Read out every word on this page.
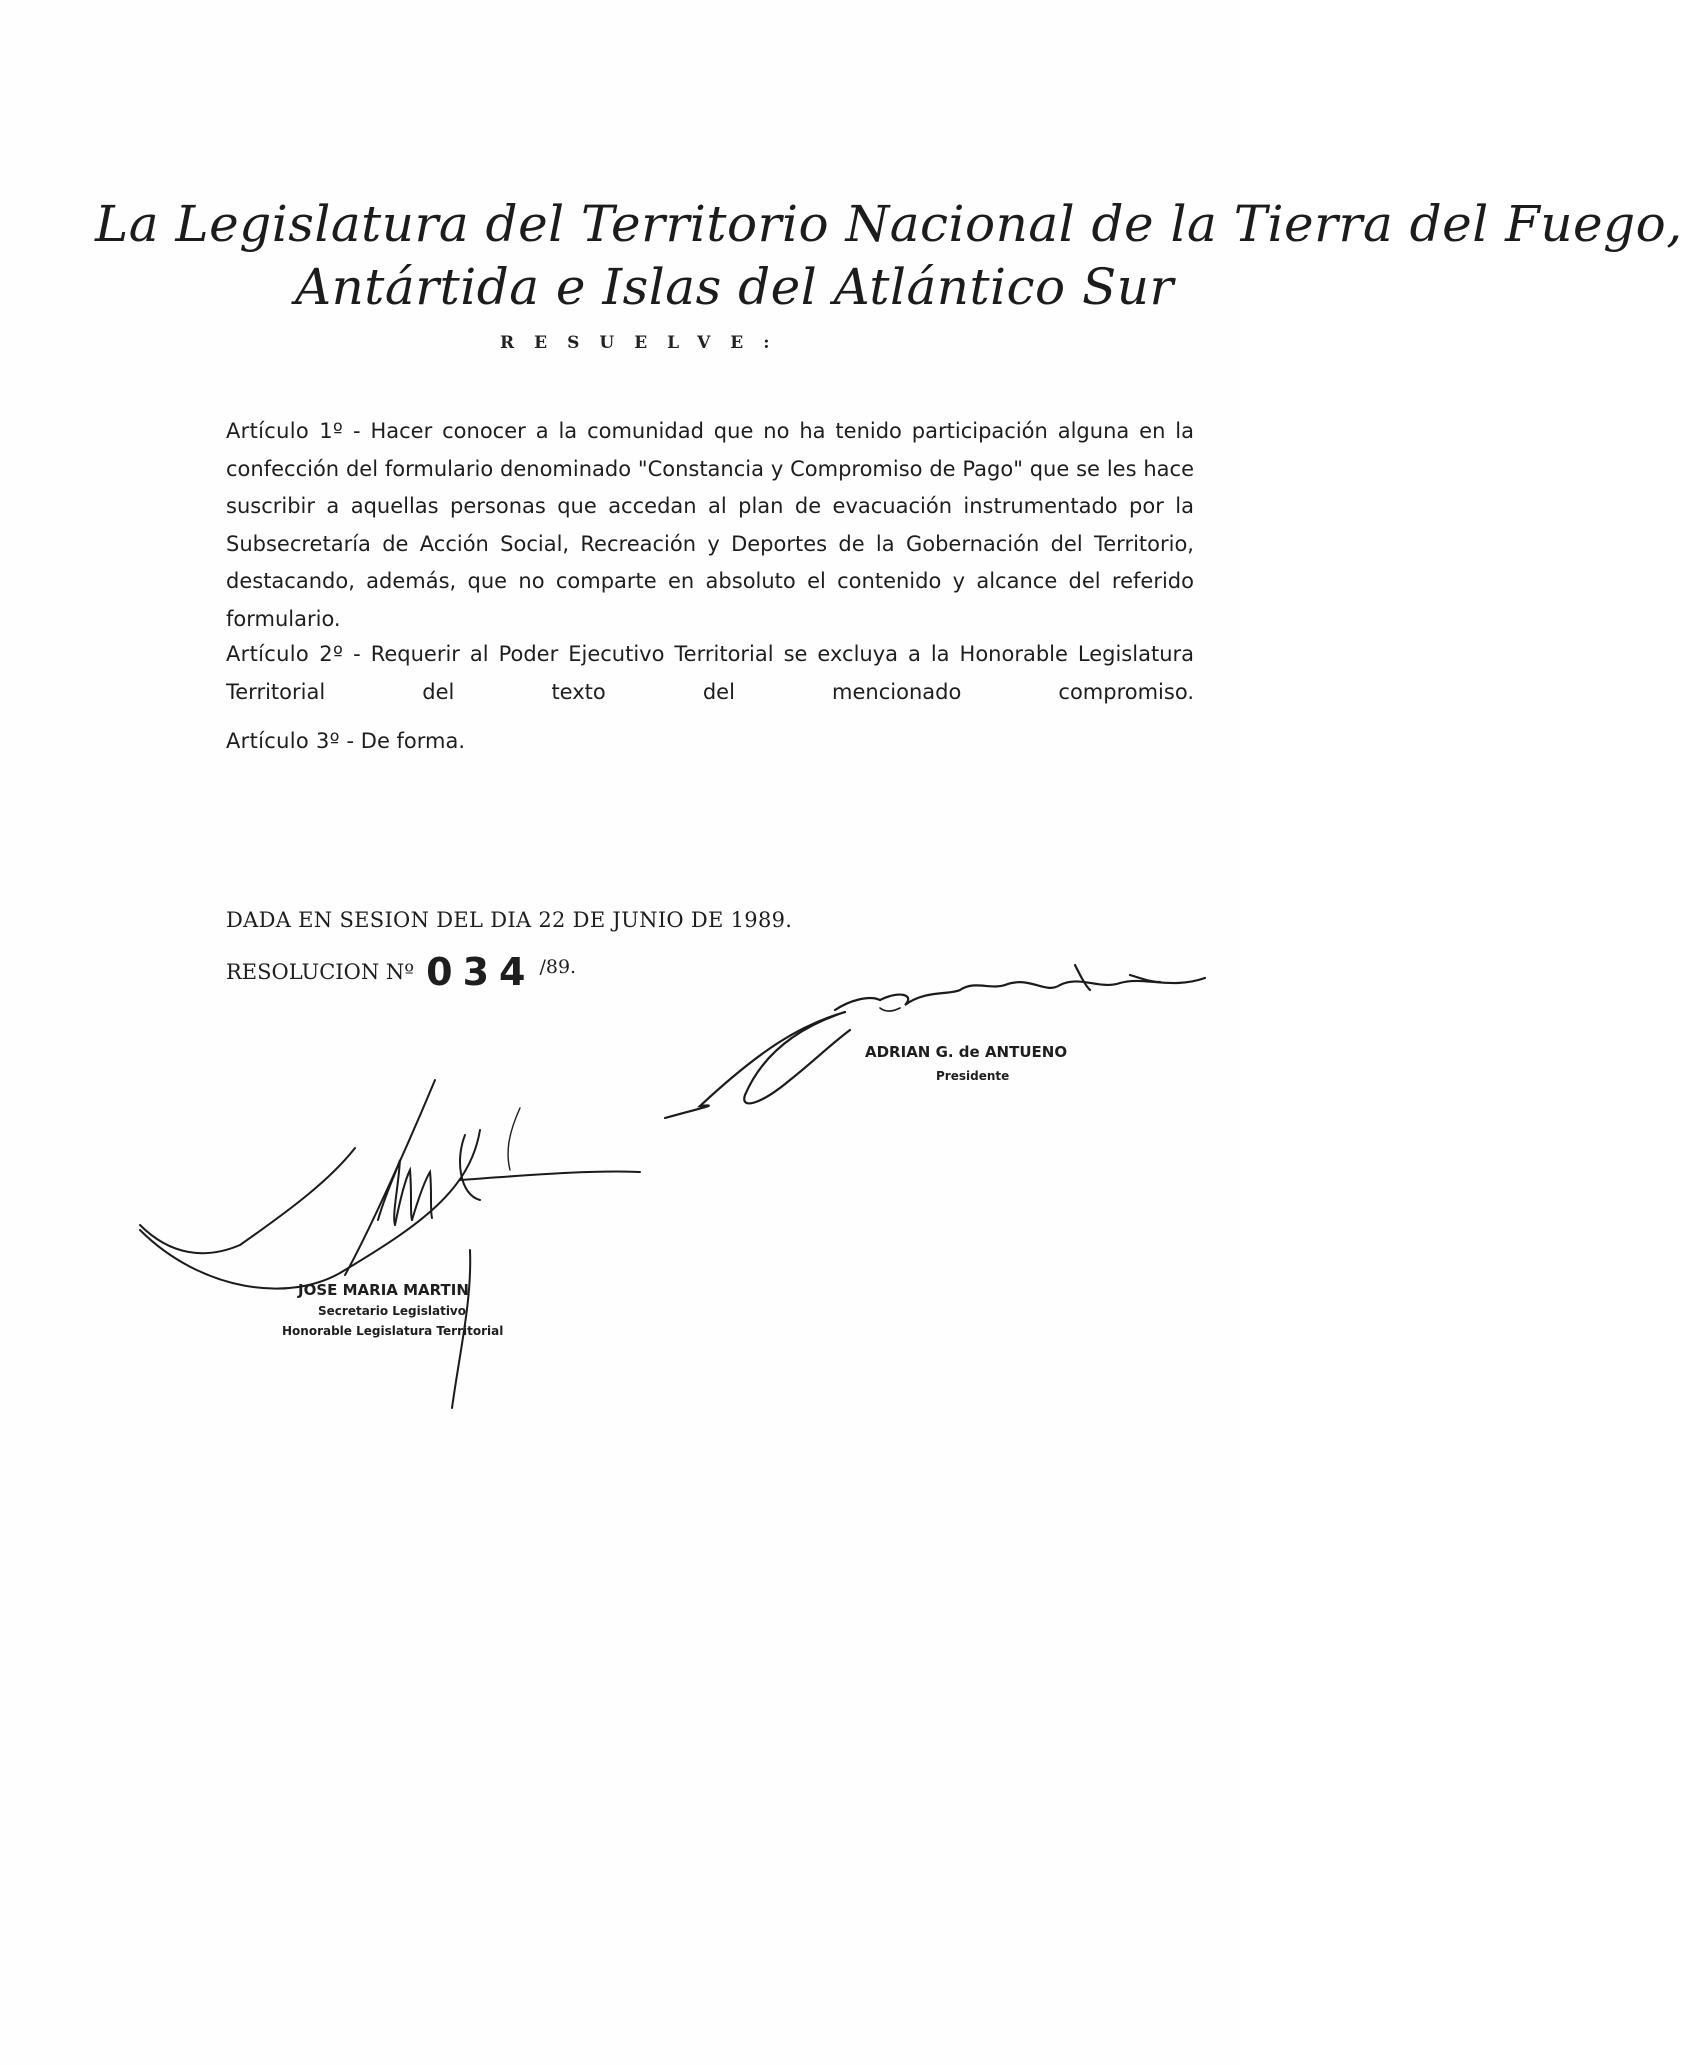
La Legislatura del Territorio Nacional de la Tierra del Fuego,
Antártida e Islas del Atlántico Sur
RESUELVE:
Artículo 1º - Hacer conocer a la comunidad que no ha tenido participación alguna en la confección del formulario denominado "Constancia y Compromiso de Pago" que se les hace suscribir a aquellas personas que accedan al plan de evacuación instrumentado por la Subsecretaría de Acción Social, Recreación y Deportes de la Gobernación del Territorio, destacando, además, que no comparte en absoluto el contenido y alcance del referido formulario.
Artículo 2º - Requerir al Poder Ejecutivo Territorial se excluya a la Honorable Legislatura Territorial del texto del mencionado compromiso.
Artículo 3º - De forma.
DADA EN SESION DEL DIA 22 DE JUNIO DE 1989.
RESOLUCION Nº 034 /89.
ADRIAN G. de ANTUENO
Presidente
JOSE MARIA MARTIN
Secretario Legislativo
Honorable Legislatura Territorial
